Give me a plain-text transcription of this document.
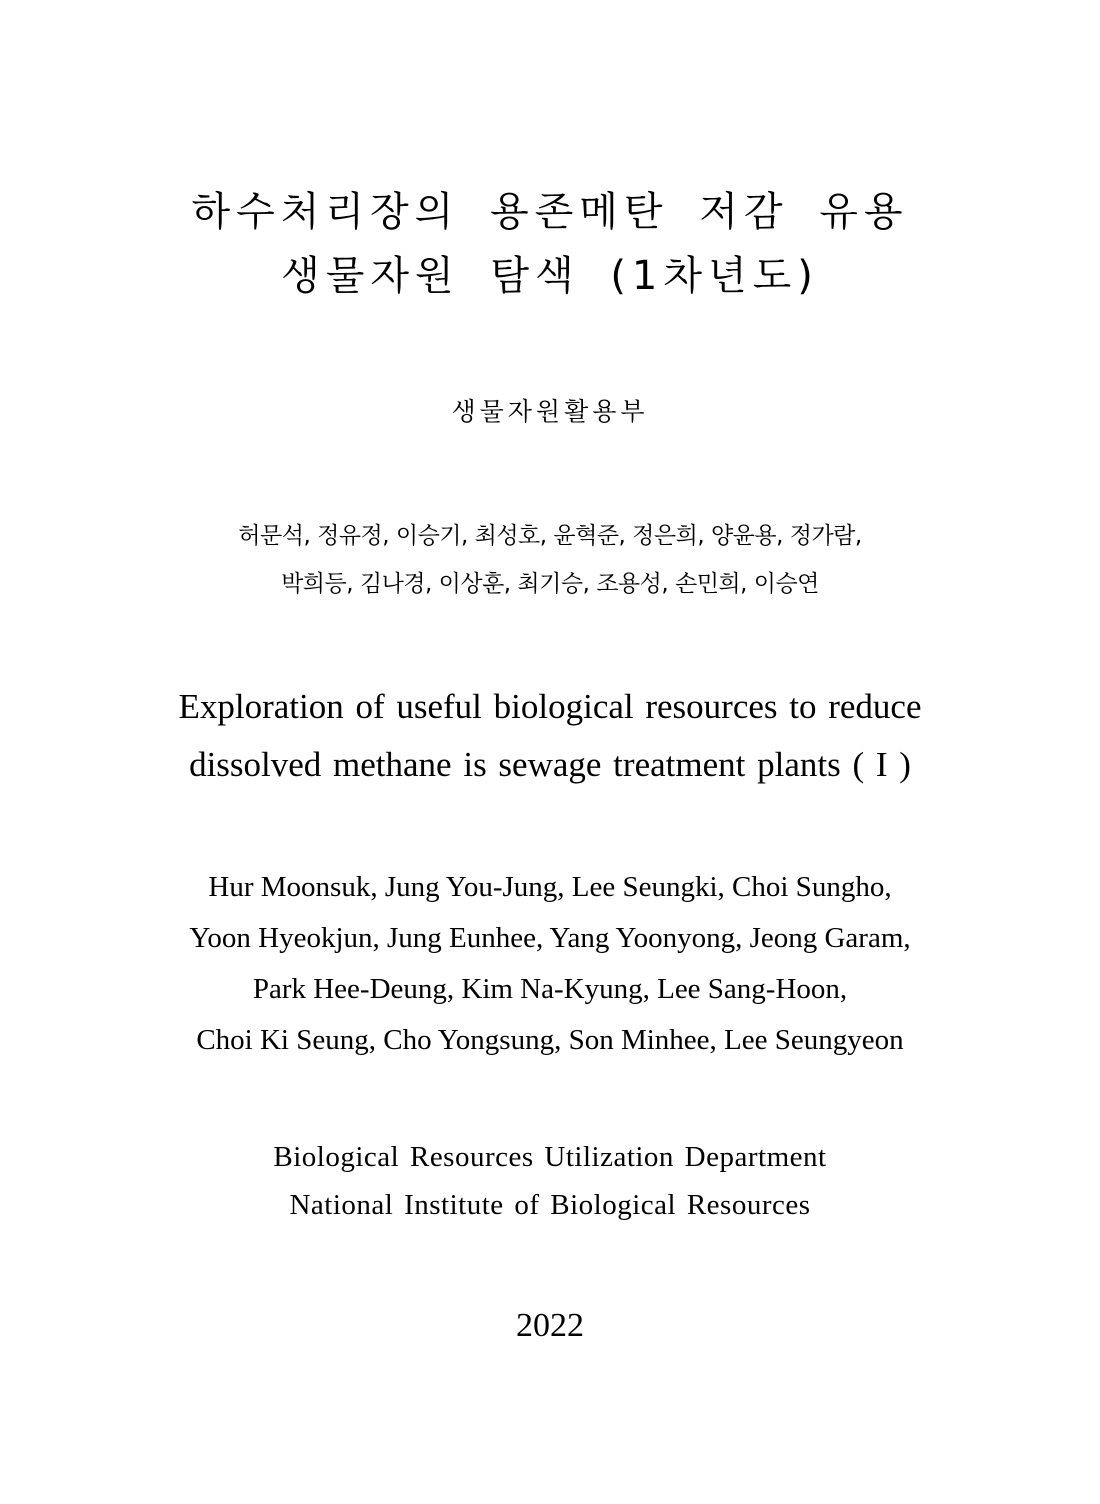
하수처리장의 용존메탄 저감 유용
생물자원 탐색 (1차년도)
생물자원활용부
허문석, 정유정, 이승기, 최성호, 윤혁준, 정은희, 양윤용, 정가람,
박희등, 김나경, 이상훈, 최기승, 조용성, 손민희, 이승연
Exploration of useful biological resources to reduce
dissolved methane is sewage treatment plants ( I )
Hur Moonsuk, Jung You-Jung, Lee Seungki, Choi Sungho,
Yoon Hyeokjun, Jung Eunhee, Yang Yoonyong, Jeong Garam,
Park Hee-Deung, Kim Na-Kyung, Lee Sang-Hoon,
Choi Ki Seung, Cho Yongsung, Son Minhee, Lee Seungyeon
Biological Resources Utilization Department
National Institute of Biological Resources
2022
